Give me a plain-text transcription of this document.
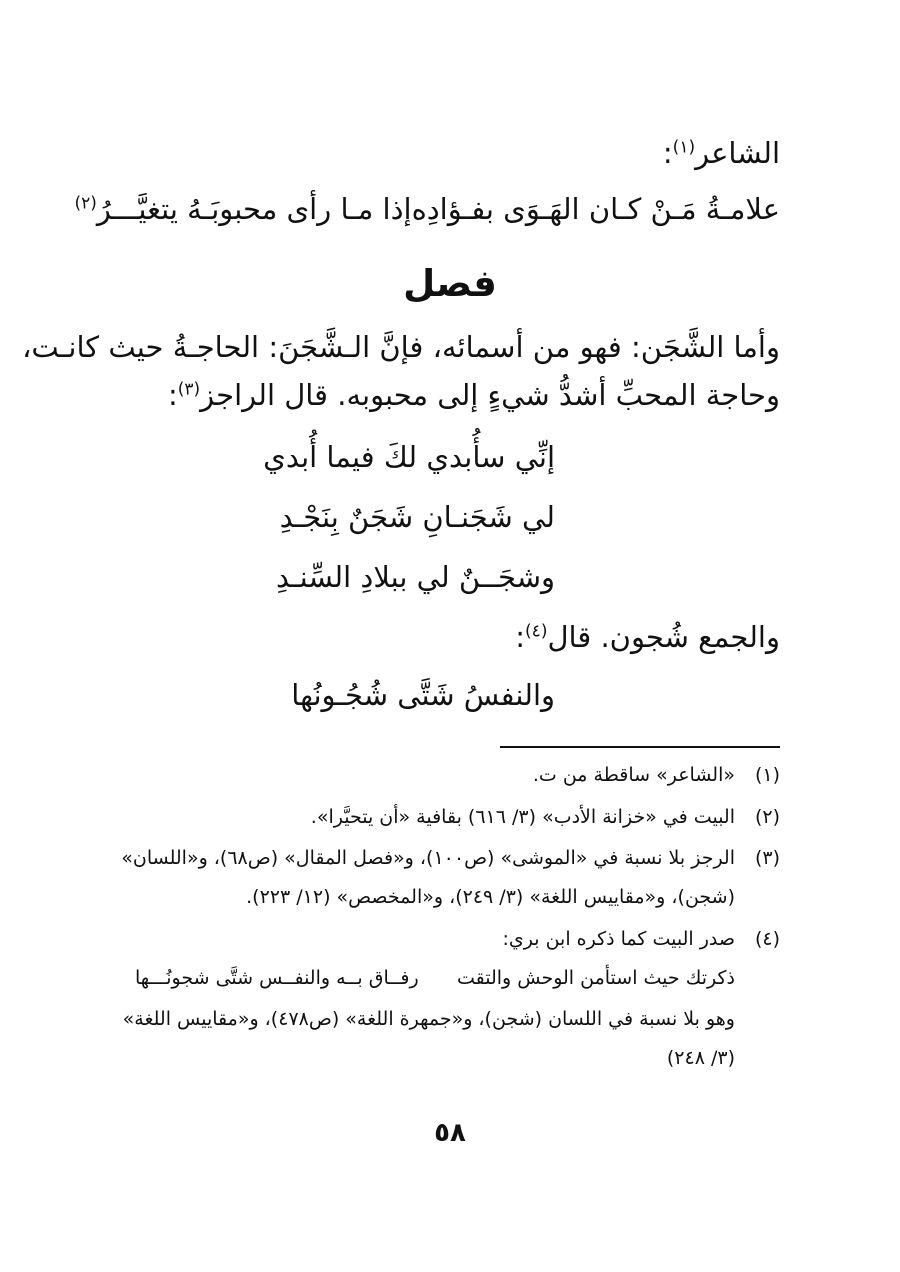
الشاعر$^{(١)}$:
علامـةُ مَـنْ كـان الهَـوَى بفـؤادِه
إذا مـا رأى محبوبَـهُ يتغيَّـــرُ$^{(٢)}$
فصل
وأما الشَّجَن: فهو من أسمائه، فإنَّ الـشَّجَنَ: الحاجـةُ حيث كانـت،
وحاجة المحبِّ أشدُّ شيءٍ إلى محبوبه. قال الراجز$^{(٣)}$:
إنِّي سأُبدي لكَ فيما أُبدي
لي شَجَنـانِ شَجَنٌ بِنَجْـدِ
وشجَــنٌ لي ببلادِ السِّنـدِ
والجمع شُجون. قال$^{(٤)}$:
والنفسُ شَتَّى شُجُـونُها
(١)
«الشاعر» ساقطة من ت.
(٢)
البيت في «خزانة الأدب» (٣/ ٦١٦) بقافية «أن يتحيَّرا».
(٣)
الرجز بلا نسبة في «الموشى» (ص١٠٠)، و«فصل المقال» (ص٦٨)، و«اللسان»
(شجن)، و«مقاييس اللغة» (٣/ ٢٤٩)، و«المخصص» (١٢/ ٢٢٣).
(٤)
صدر البيت كما ذكره ابن بري:
ذكرتك حيث استأمن الوحش والتقت
رفــاق بــه والنفــس شتَّى شجونُـــها
وهو بلا نسبة في اللسان (شجن)، و«جمهرة اللغة» (ص٤٧٨)، و«مقاييس اللغة»
(٣/ ٢٤٨)
٥٨
